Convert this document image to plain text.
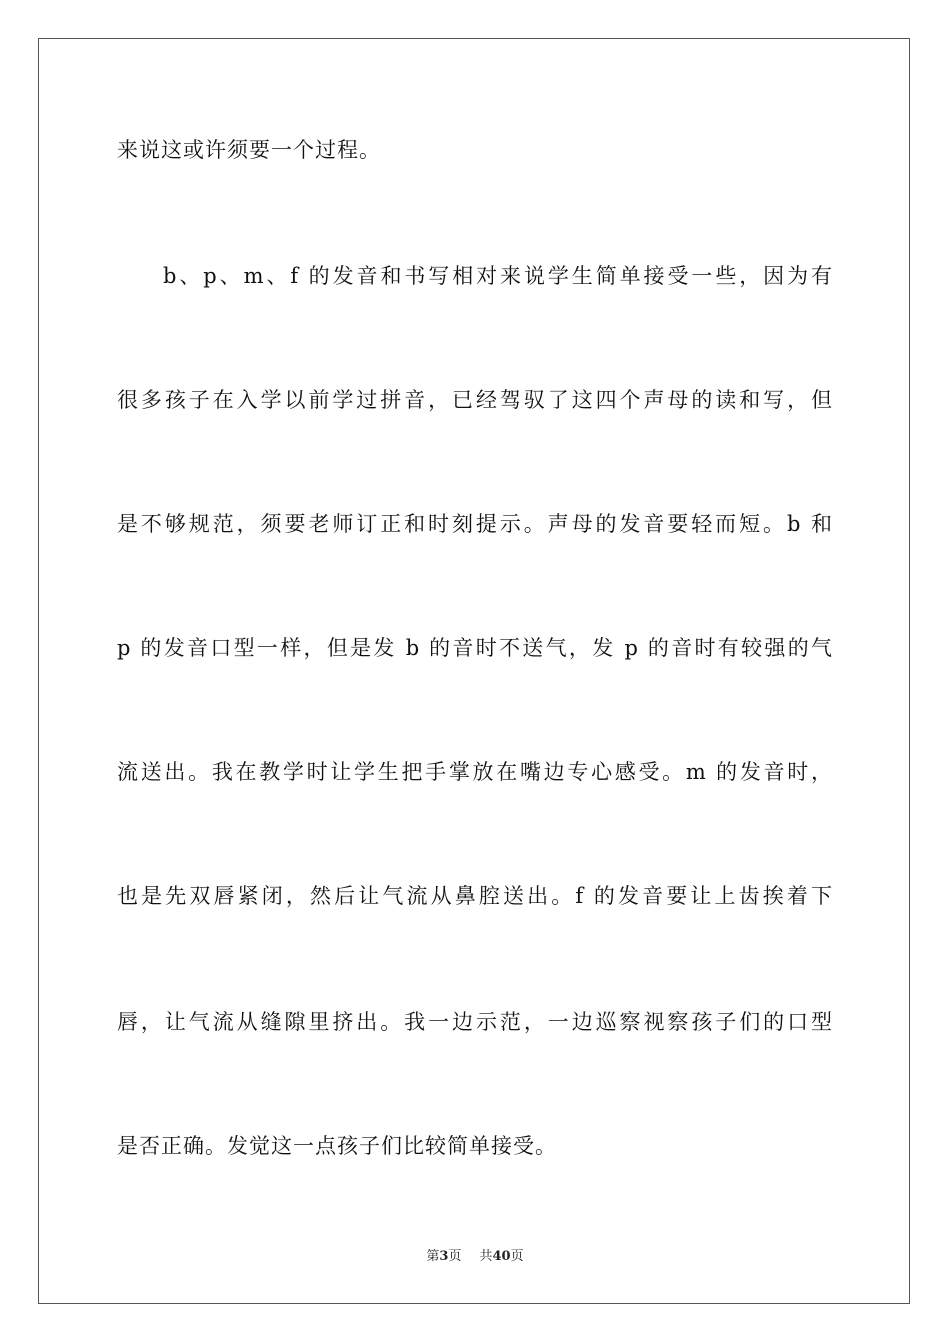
来说这或许须要一个过程。
b、p、m、f 的发音和书写相对来说学生简单接受一些，因为有
很多孩子在入学以前学过拼音，已经驾驭了这四个声母的读和写，但
是不够规范，须要老师订正和时刻提示。声母的发音要轻而短。b 和
p 的发音口型一样，但是发 b 的音时不送气，发 p 的音时有较强的气
流送出。我在教学时让学生把手掌放在嘴边专心感受。m 的发音时，
也是先双唇紧闭，然后让气流从鼻腔送出。f 的发音要让上齿挨着下
唇，让气流从缝隙里挤出。我一边示范，一边巡察视察孩子们的口型
是否正确。发觉这一点孩子们比较简单接受。
第3页 共40页
